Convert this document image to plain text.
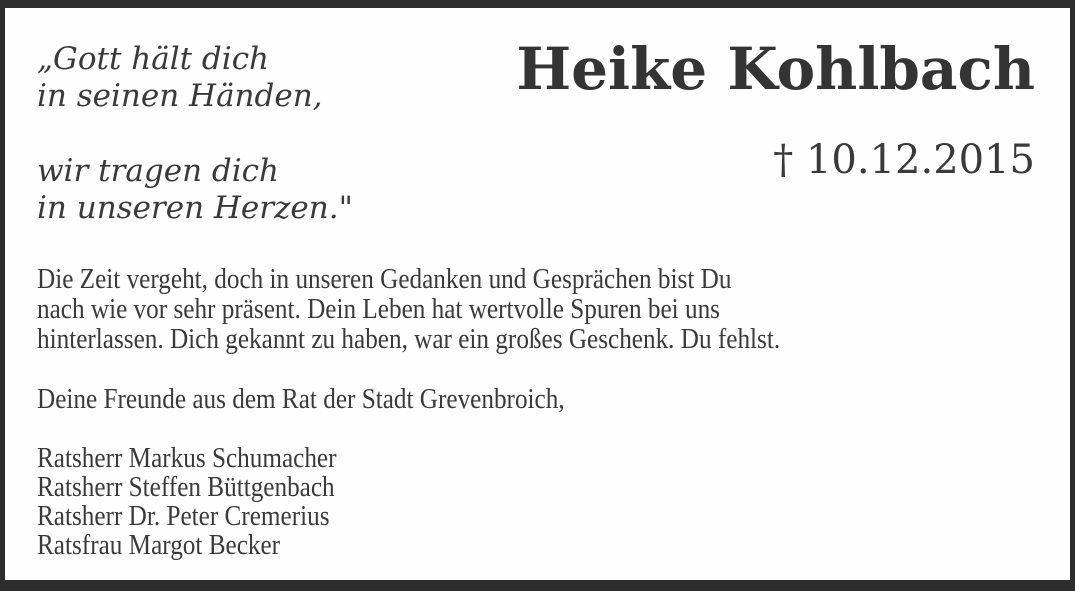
„Gott hält dich
in seinen Händen,
wir tragen dich
in unseren Herzen."
Heike Kohlbach
† 10.12.2015
Die Zeit vergeht, doch in unseren Gedanken und Gesprächen bist Du
nach wie vor sehr präsent. Dein Leben hat wertvolle Spuren bei uns
hinterlassen. Dich gekannt zu haben, war ein großes Geschenk. Du fehlst.
Deine Freunde aus dem Rat der Stadt Grevenbroich,
Ratsherr Markus Schumacher
Ratsherr Steffen Büttgenbach
Ratsherr Dr. Peter Cremerius
Ratsfrau Margot Becker
